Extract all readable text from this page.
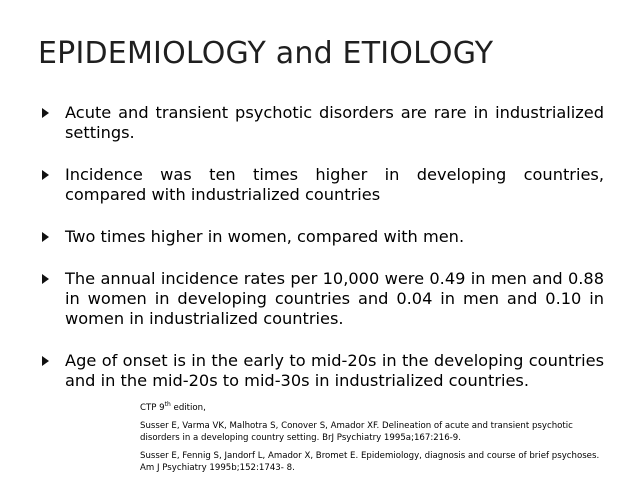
EPIDEMIOLOGY and ETIOLOGY
Acute and transient psychotic disorders are rare in industrialized settings.
Incidence was ten times higher in developing countries, compared with industrialized countries
Two times higher in women, compared with men.
The annual incidence rates per 10,000 were 0.49 in men and 0.88 in women in developing countries and 0.04 in men and 0.10 in women in industrialized countries.
Age of onset is in the early to mid-20s in the developing countries and in the mid-20s to mid-30s in industrialized countries.
CTP 9th edition,
Susser E, Varma VK, Malhotra S, Conover S, Amador XF. Delineation of acute and transient psychotic disorders in a developing country setting. BrJ Psychiatry 1995a;167:216-9.
Susser E, Fennig S, Jandorf L, Amador X, Bromet E. Epidemiology, diagnosis and course of brief psychoses. Am J Psychiatry 1995b;152:1743- 8.
